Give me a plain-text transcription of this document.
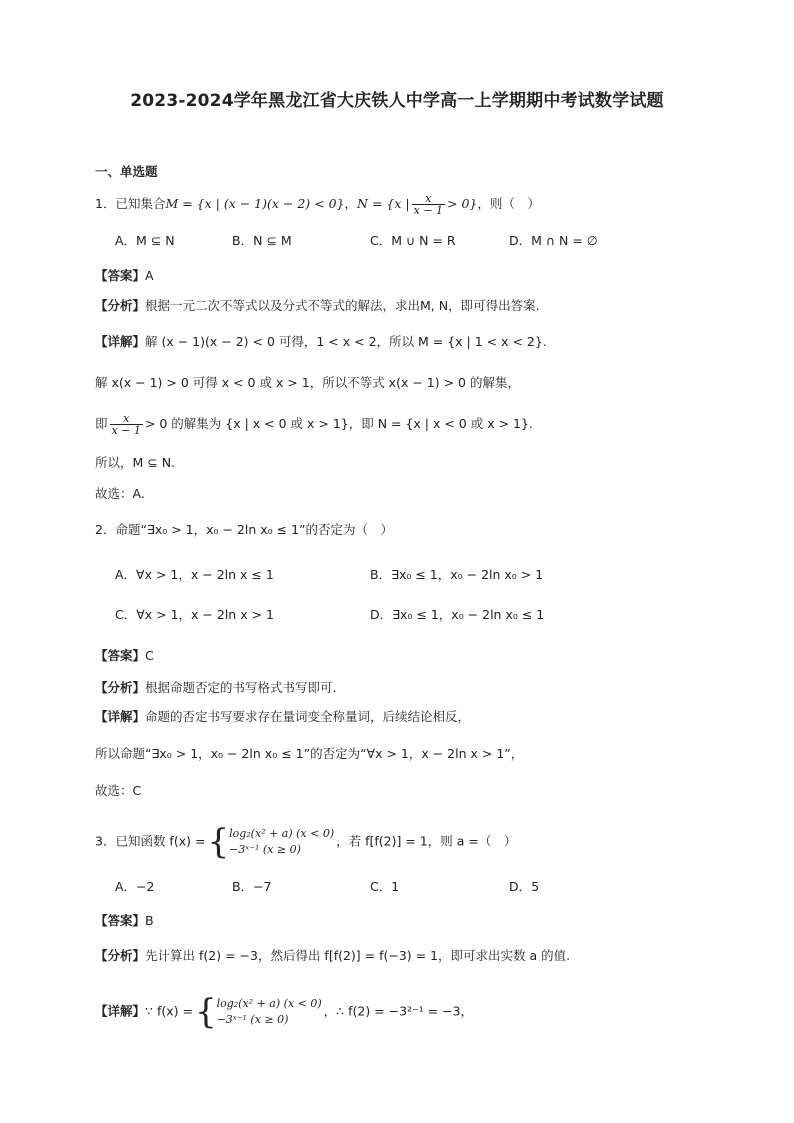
2023-2024学年黑龙江省大庆铁人中学高一上学期期中考试数学试题
一、单选题
1．已知集合M = {x | (x − 1)(x − 2) < 0}，N = {x | $\frac{x}{x - 1} > 0$}，则（　）
A．M ⊆ N	B．N ⊆ M	C．M ∪ N = R	D．M ∩ N = ∅
【答案】A
【分析】根据一元二次不等式以及分式不等式的解法，求出M, N，即可得出答案.
【详解】解 (x − 1)(x − 2) < 0 可得，1 < x < 2，所以 M = {x | 1 < x < 2}.
解 x(x − 1) > 0 可得 x < 0 或 x > 1，所以不等式 x(x − 1) > 0 的解集，
即 $\frac{x}{x - 1} > 0$ 的解集为 {x | x < 0 或 x > 1}，即 N = {x | x < 0 或 x > 1}.
所以，M ⊆ N.
故选：A.
2．命题“∃x₀ > 1，x₀ − 2ln x₀ ≤ 1”的否定为（　）
A．∀x > 1，x − 2ln x ≤ 1	B．∃x₀ ≤ 1，x₀ − 2ln x₀ > 1
C．∀x > 1，x − 2ln x > 1	D．∃x₀ ≤ 1，x₀ − 2ln x₀ ≤ 1
【答案】C
【分析】根据命题否定的书写格式书写即可.
【详解】命题的否定书写要求存在量词变全称量词，后续结论相反，
所以命题“∃x₀ > 1，x₀ − 2ln x₀ ≤ 1”的否定为“∀x > 1，x − 2ln x > 1”，
故选：C
3．已知函数 f(x) ={ log₂(x² + a) (x < 0)
−3ˣ⁻¹ (x ≥ 0)
，若 f[f(2)] = 1，则 a =（　）
A．−2	B．−7	C．1	D．5
【答案】B
【分析】先计算出 f(2) = −3，然后得出 f[f(2)] = f(−3) = 1，即可求出实数 a 的值.
【详解】∵ f(x) ={ log₂(x² + a) (x < 0)
−3ˣ⁻¹ (x ≥ 0)
，∴ f(2) = −3²⁻¹ = −3，
